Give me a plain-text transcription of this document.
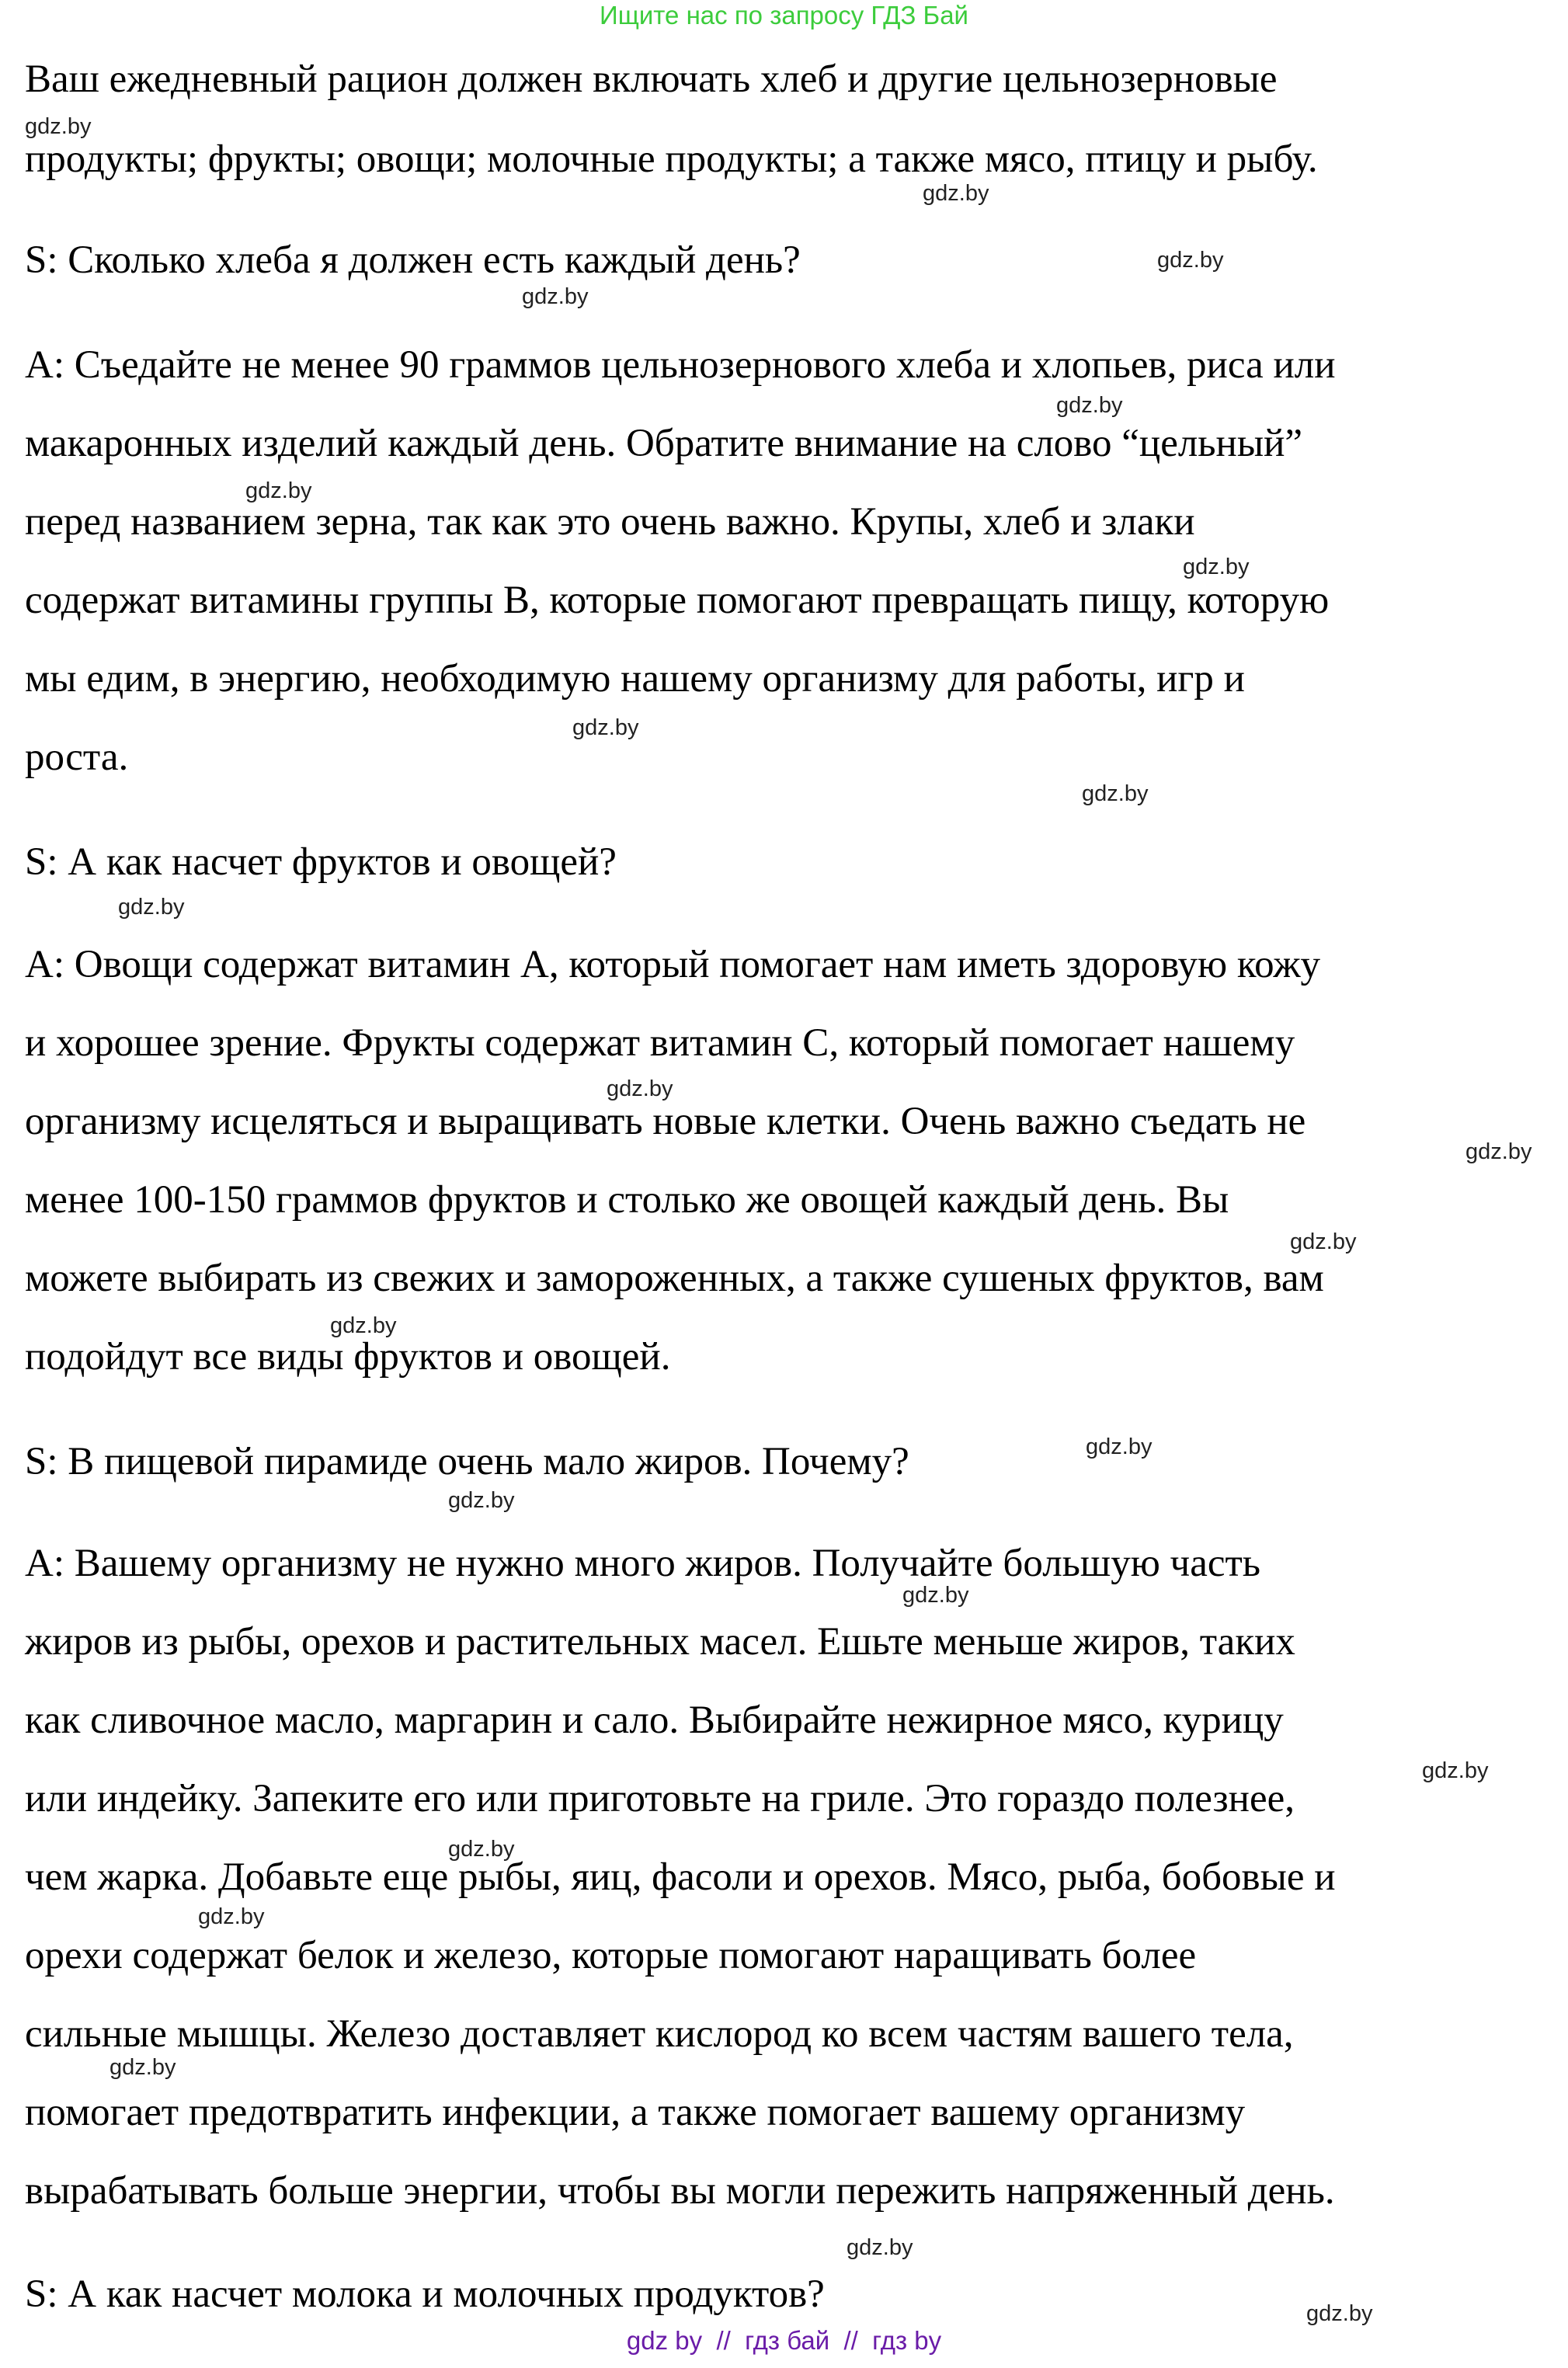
Ищите нас по запросу ГДЗ Бай
Ваш ежедневный рацион должен включать хлеб и другие цельнозерновые
продукты; фрукты; овощи; молочные продукты; а также мясо, птицу и рыбу.
S: Сколько хлеба я должен есть каждый день?
A: Съедайте не менее 90 граммов цельнозернового хлеба и хлопьев, риса или
макаронных изделий каждый день. Обратите внимание на слово “цельный”
перед названием зерна, так как это очень важно. Крупы, хлеб и злаки
содержат витамины группы B, которые помогают превращать пищу, которую
мы едим, в энергию, необходимую нашему организму для работы, игр и
роста.
S: А как насчет фруктов и овощей?
A: Овощи содержат витамин А, который помогает нам иметь здоровую кожу
и хорошее зрение. Фрукты содержат витамин С, который помогает нашему
организму исцеляться и выращивать новые клетки. Очень важно съедать не
менее 100-150 граммов фруктов и столько же овощей каждый день. Вы
можете выбирать из свежих и замороженных, а также сушеных фруктов, вам
подойдут все виды фруктов и овощей.
S: В пищевой пирамиде очень мало жиров. Почему?
A: Вашему организму не нужно много жиров. Получайте большую часть
жиров из рыбы, орехов и растительных масел. Ешьте меньше жиров, таких
как сливочное масло, маргарин и сало. Выбирайте нежирное мясо, курицу
или индейку. Запеките его или приготовьте на гриле. Это гораздо полезнее,
чем жарка. Добавьте еще рыбы, яиц, фасоли и орехов. Мясо, рыба, бобовые и
орехи содержат белок и железо, которые помогают наращивать более
сильные мышцы. Железо доставляет кислород ко всем частям вашего тела,
помогает предотвратить инфекции, а также помогает вашему организму
вырабатывать больше энергии, чтобы вы могли пережить напряженный день.
S: А как насчет молока и молочных продуктов?
gdz.by
gdz.by
gdz.by
gdz.by
gdz.by
gdz.by
gdz.by
gdz.by
gdz.by
gdz.by
gdz.by
gdz.by
gdz.by
gdz.by
gdz.by
gdz.by
gdz.by
gdz.by
gdz.by
gdz.by
gdz.by
gdz.by
gdz.by
gdz by  //  гдз бай  //  гдз by
